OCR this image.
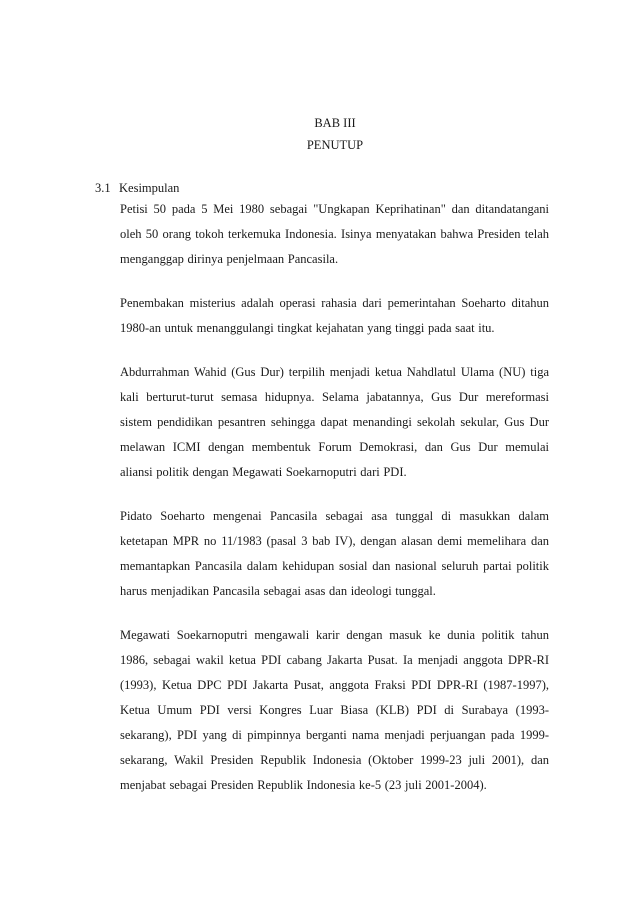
BAB III
PENUTUP
3.1 Kesimpulan

Petisi 50 pada 5 Mei 1980 sebagai "Ungkapan Keprihatinan" dan ditandatangani oleh 50 orang tokoh terkemuka Indonesia. Isinya menyatakan bahwa Presiden telah menganggap dirinya penjelmaan Pancasila.

Penembakan misterius adalah operasi rahasia dari pemerintahan Soeharto ditahun 1980-an untuk menanggulangi tingkat kejahatan yang tinggi pada saat itu.

Abdurrahman Wahid (Gus Dur) terpilih menjadi ketua Nahdlatul Ulama (NU) tiga kali berturut-turut semasa hidupnya. Selama jabatannya, Gus Dur mereformasi sistem pendidikan pesantren sehingga dapat menandingi sekolah sekular, Gus Dur melawan ICMI dengan membentuk Forum Demokrasi, dan Gus Dur memulai aliansi politik dengan Megawati Soekarnoputri dari PDI.

Pidato Soeharto mengenai Pancasila sebagai asa tunggal di masukkan dalam ketetapan MPR no 11/1983 (pasal 3 bab IV), dengan alasan demi memelihara dan memantapkan Pancasila dalam kehidupan sosial dan nasional seluruh partai politik harus menjadikan Pancasila sebagai asas dan ideologi tunggal.

Megawati Soekarnoputri mengawali karir dengan masuk ke dunia politik tahun 1986, sebagai wakil ketua PDI cabang Jakarta Pusat. Ia menjadi anggota DPR-RI (1993), Ketua DPC PDI Jakarta Pusat, anggota Fraksi PDI DPR-RI (1987-1997), Ketua Umum PDI versi Kongres Luar Biasa (KLB) PDI di Surabaya (1993-sekarang), PDI yang di pimpinnya berganti nama menjadi perjuangan pada 1999-sekarang, Wakil Presiden Republik Indonesia (Oktober 1999-23 juli 2001), dan menjabat sebagai Presiden Republik Indonesia ke-5 (23 juli 2001-2004).
